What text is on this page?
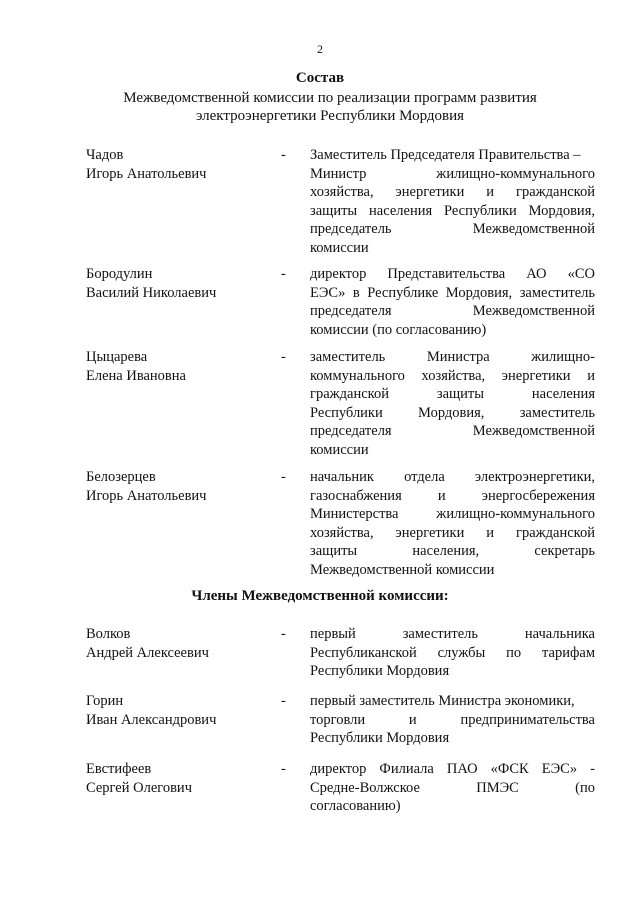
2
Состав
Межведомственной комиссии по реализации программ развития
электроэнергетики Республики Мордовия
Чадов
Игорь Анатольевич
-	Заместитель Председателя Правительства –
Министр жилищно-коммунального
хозяйства, энергетики и гражданской
защиты населения Республики Мордовия,
председатель Межведомственной
комиссии
Бородулин
Василий Николаевич
-	директор Представительства АО «СО
ЕЭС» в Республике Мордовия, заместитель
председателя Межведомственной
комиссии (по согласованию)
Цыцарева
Елена Ивановна
-	заместитель Министра жилищно-
коммунального хозяйства, энергетики и
гражданской защиты населения
Республики Мордовия, заместитель
председателя Межведомственной
комиссии
Белозерцев
Игорь Анатольевич
-	начальник отдела электроэнергетики,
газоснабжения и энергосбережения
Министерства жилищно-коммунального
хозяйства, энергетики и гражданской
защиты населения, секретарь
Межведомственной комиссии
Члены Межведомственной комиссии:
Волков
Андрей Алексеевич
-	первый заместитель начальника
Республиканской службы по тарифам
Республики Мордовия
Горин
Иван Александрович
-	первый заместитель Министра экономики,
торговли и предпринимательства
Республики Мордовия
Евстифеев
Сергей Олегович
-	директор Филиала ПАО «ФСК ЕЭС» -
Средне-Волжское ПМЭС (по
согласованию)
